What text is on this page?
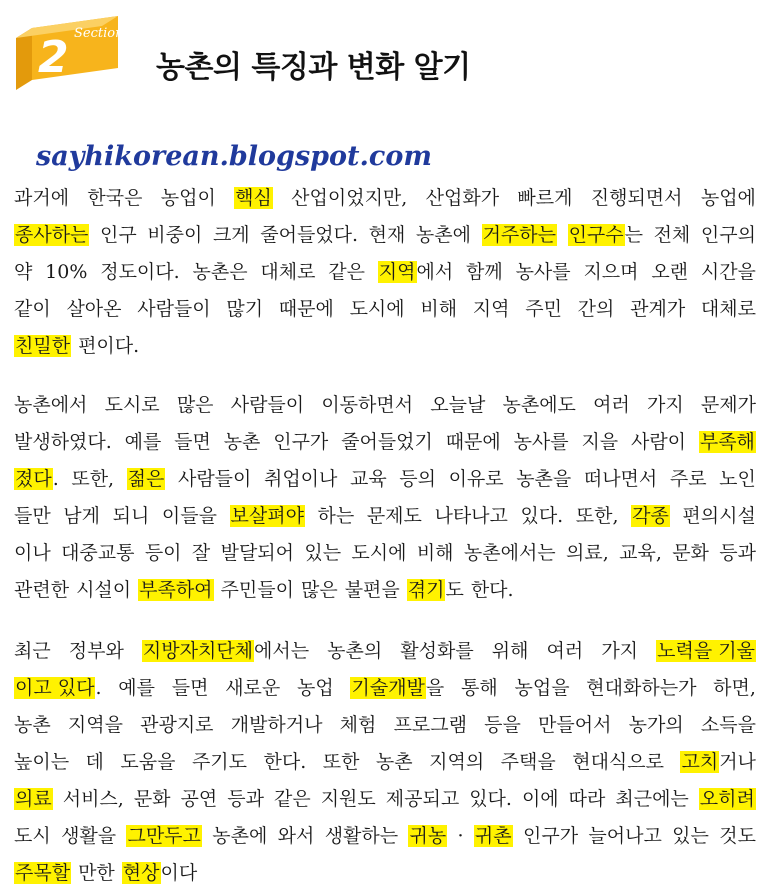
Section
2	농촌의 특징과 변화 알기
sayhikorean.blogspot.com
과거에 한국은 농업이 핵심 산업이었지만, 산업화가 빠르게 진행되면서 농업에
종사하는 인구 비중이 크게 줄어들었다. 현재 농촌에 거주하는 인구수는 전체 인구의
약 10% 정도이다. 농촌은 대체로 같은 지역에서 함께 농사를 지으며 오랜 시간을
같이 살아온 사람들이 많기 때문에 도시에 비해 지역 주민 간의 관계가 대체로
친밀한 편이다.
농촌에서 도시로 많은 사람들이 이동하면서 오늘날 농촌에도 여러 가지 문제가
발생하였다. 예를 들면 농촌 인구가 줄어들었기 때문에 농사를 지을 사람이 부족해
졌다. 또한, 젊은 사람들이 취업이나 교육 등의 이유로 농촌을 떠나면서 주로 노인
들만 남게 되니 이들을 보살펴야 하는 문제도 나타나고 있다. 또한, 각종 편의시설
이나 대중교통 등이 잘 발달되어 있는 도시에 비해 농촌에서는 의료, 교육, 문화 등과
관련한 시설이 부족하여 주민들이 많은 불편을 겪기도 한다.
최근 정부와 지방자치단체에서는 농촌의 활성화를 위해 여러 가지 노력을 기울
이고 있다. 예를 들면 새로운 농업 기술개발을 통해 농업을 현대화하는가 하면,
농촌 지역을 관광지로 개발하거나 체험 프로그램 등을 만들어서 농가의 소득을
높이는 데 도움을 주기도 한다. 또한 농촌 지역의 주택을 현대식으로 고치거나
의료 서비스, 문화 공연 등과 같은 지원도 제공되고 있다. 이에 따라 최근에는 오히려
도시 생활을 그만두고 농촌에 와서 생활하는 귀농 · 귀촌 인구가 늘어나고 있는 것도
주목할 만한 현상이다
